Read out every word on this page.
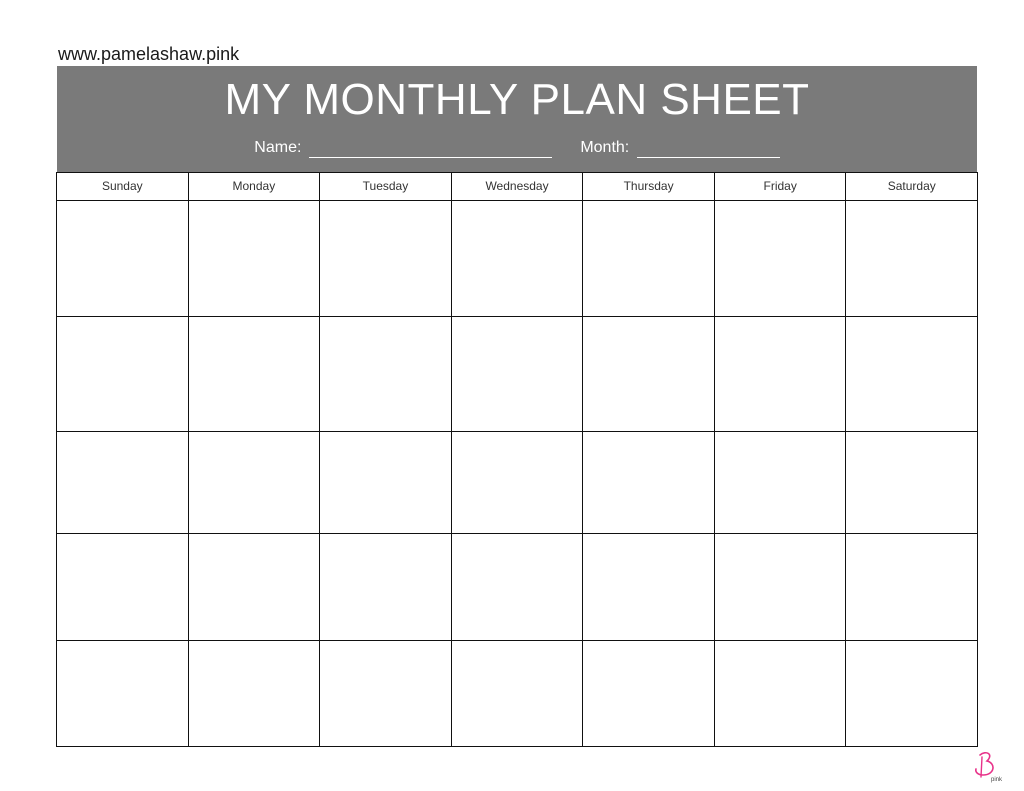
www.pamelashaw.pink
MY MONTHLY PLAN SHEET
Name:	Month:
Sunday	Monday	Tuesday	Wednesday	Thursday	Friday	Saturday
pink
